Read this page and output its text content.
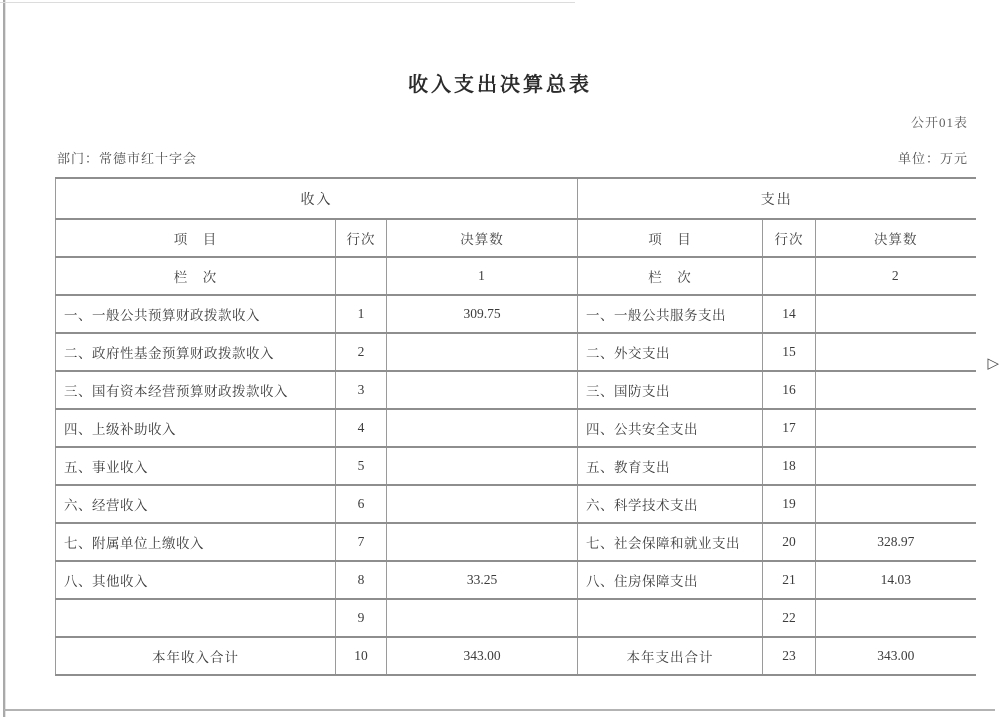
收入支出决算总表
公开01表
部门：常德市红十字会	单位：万元
收入			支出		
项　目	行次	决算数	项　目	行次	决算数
栏　次		1	栏　次		2
一、一般公共预算财政拨款收入	1	309.75	一、一般公共服务支出	14	
二、政府性基金预算财政拨款收入	2		二、外交支出	15	
三、国有资本经营预算财政拨款收入	3		三、国防支出	16	
四、上级补助收入	4		四、公共安全支出	17	
五、事业收入	5		五、教育支出	18	
六、经营收入	6		六、科学技术支出	19	
七、附属单位上缴收入	7		七、社会保障和就业支出	20	328.97
八、其他收入	8	33.25	八、住房保障支出	21	14.03
	9			22	
本年收入合计	10	343.00	本年支出合计	23	343.00
▷
